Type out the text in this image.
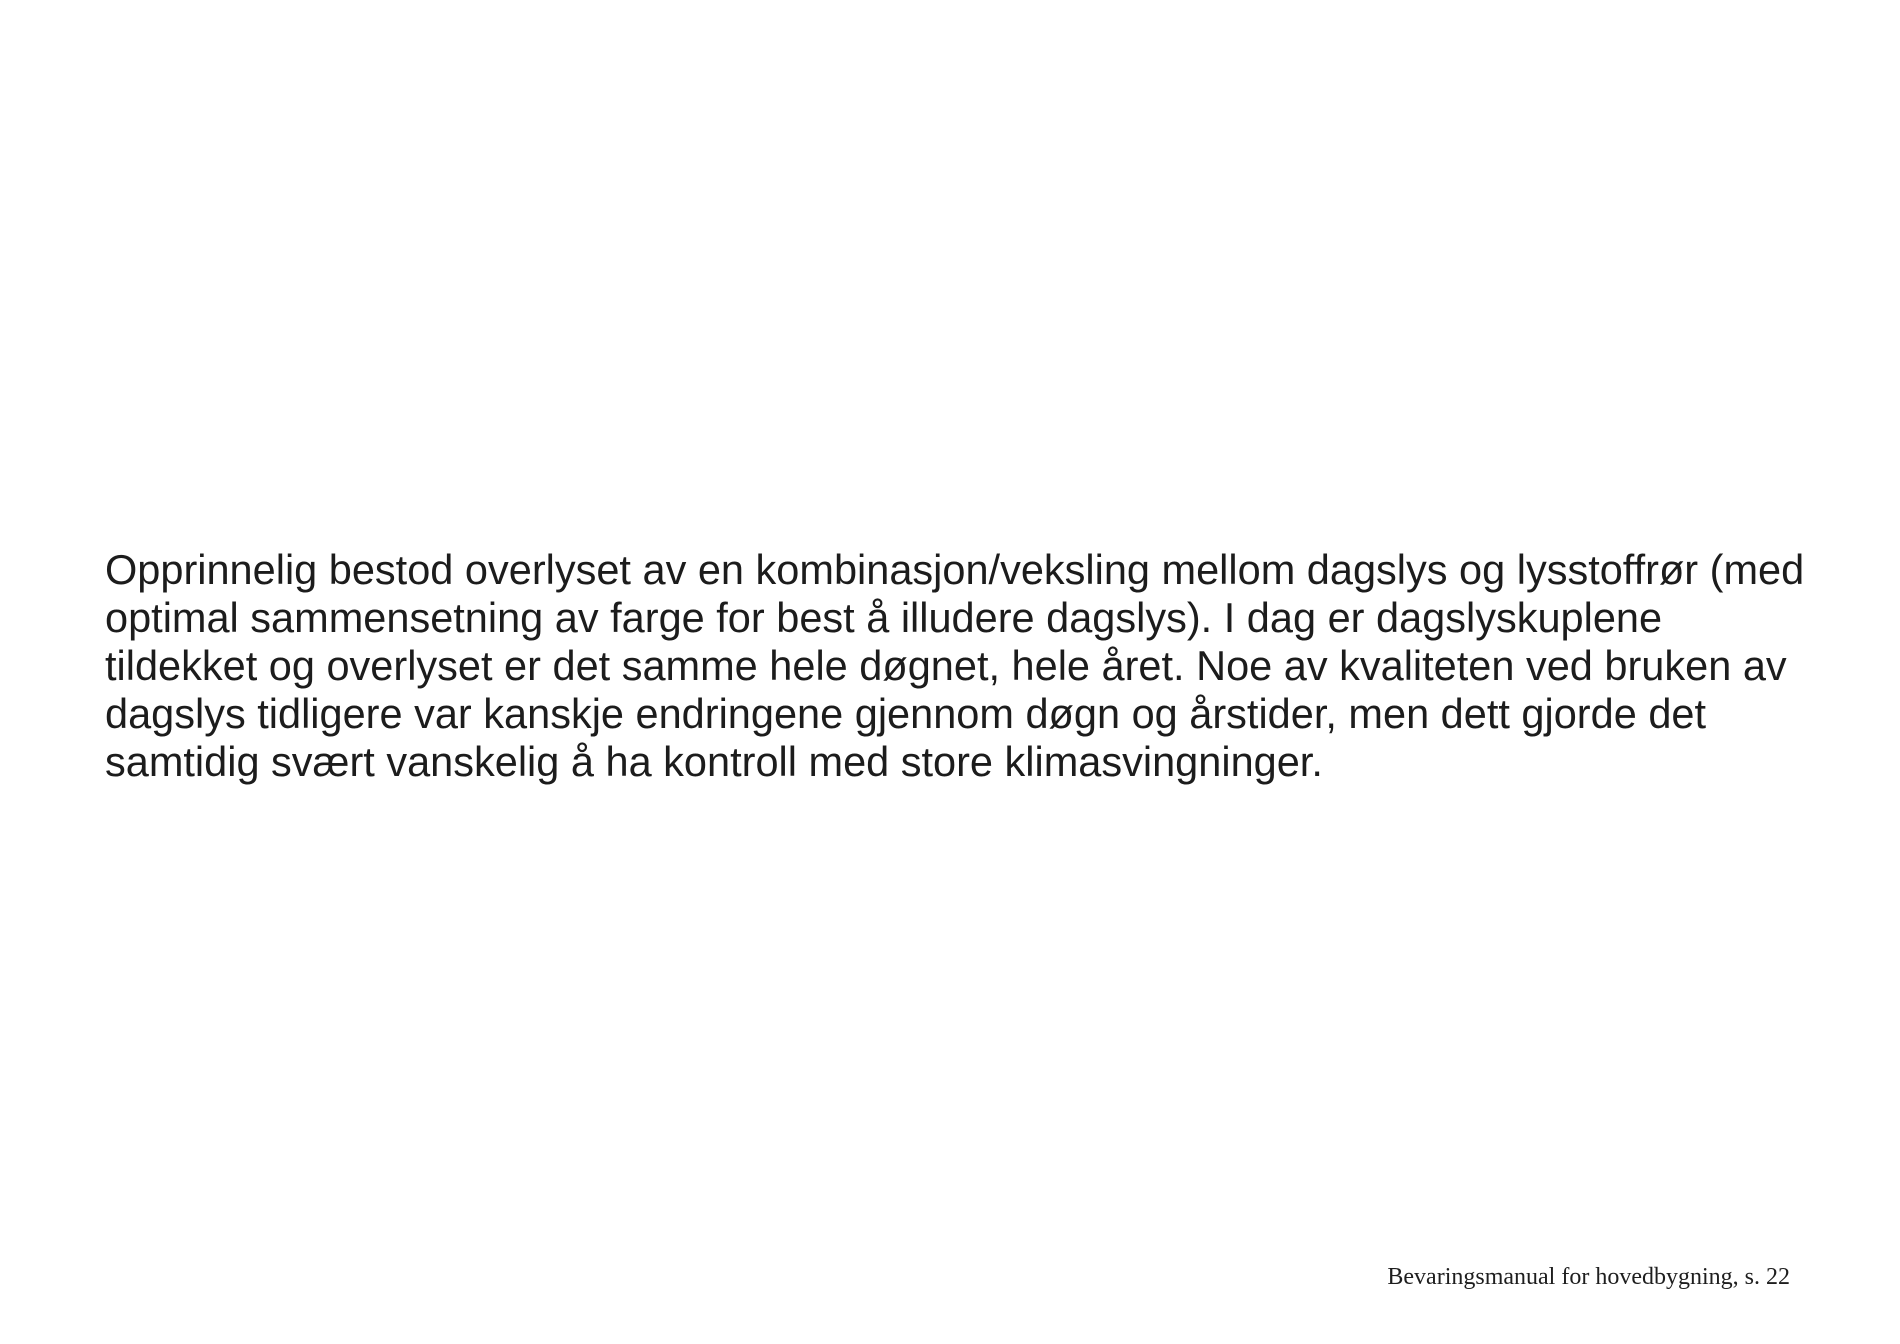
Opprinnelig bestod overlyset av en kombinasjon/veksling mellom dagslys og lysstoffrør (med
optimal sammensetning av farge for best å illudere dagslys). I dag er dagslyskuplene
tildekket og overlyset er det samme hele døgnet, hele året. Noe av kvaliteten ved bruken av
dagslys tidligere var kanskje endringene gjennom døgn og årstider, men dett gjorde det
samtidig svært vanskelig å ha kontroll med store klimasvingninger.
Bevaringsmanual for hovedbygning, s. 22
